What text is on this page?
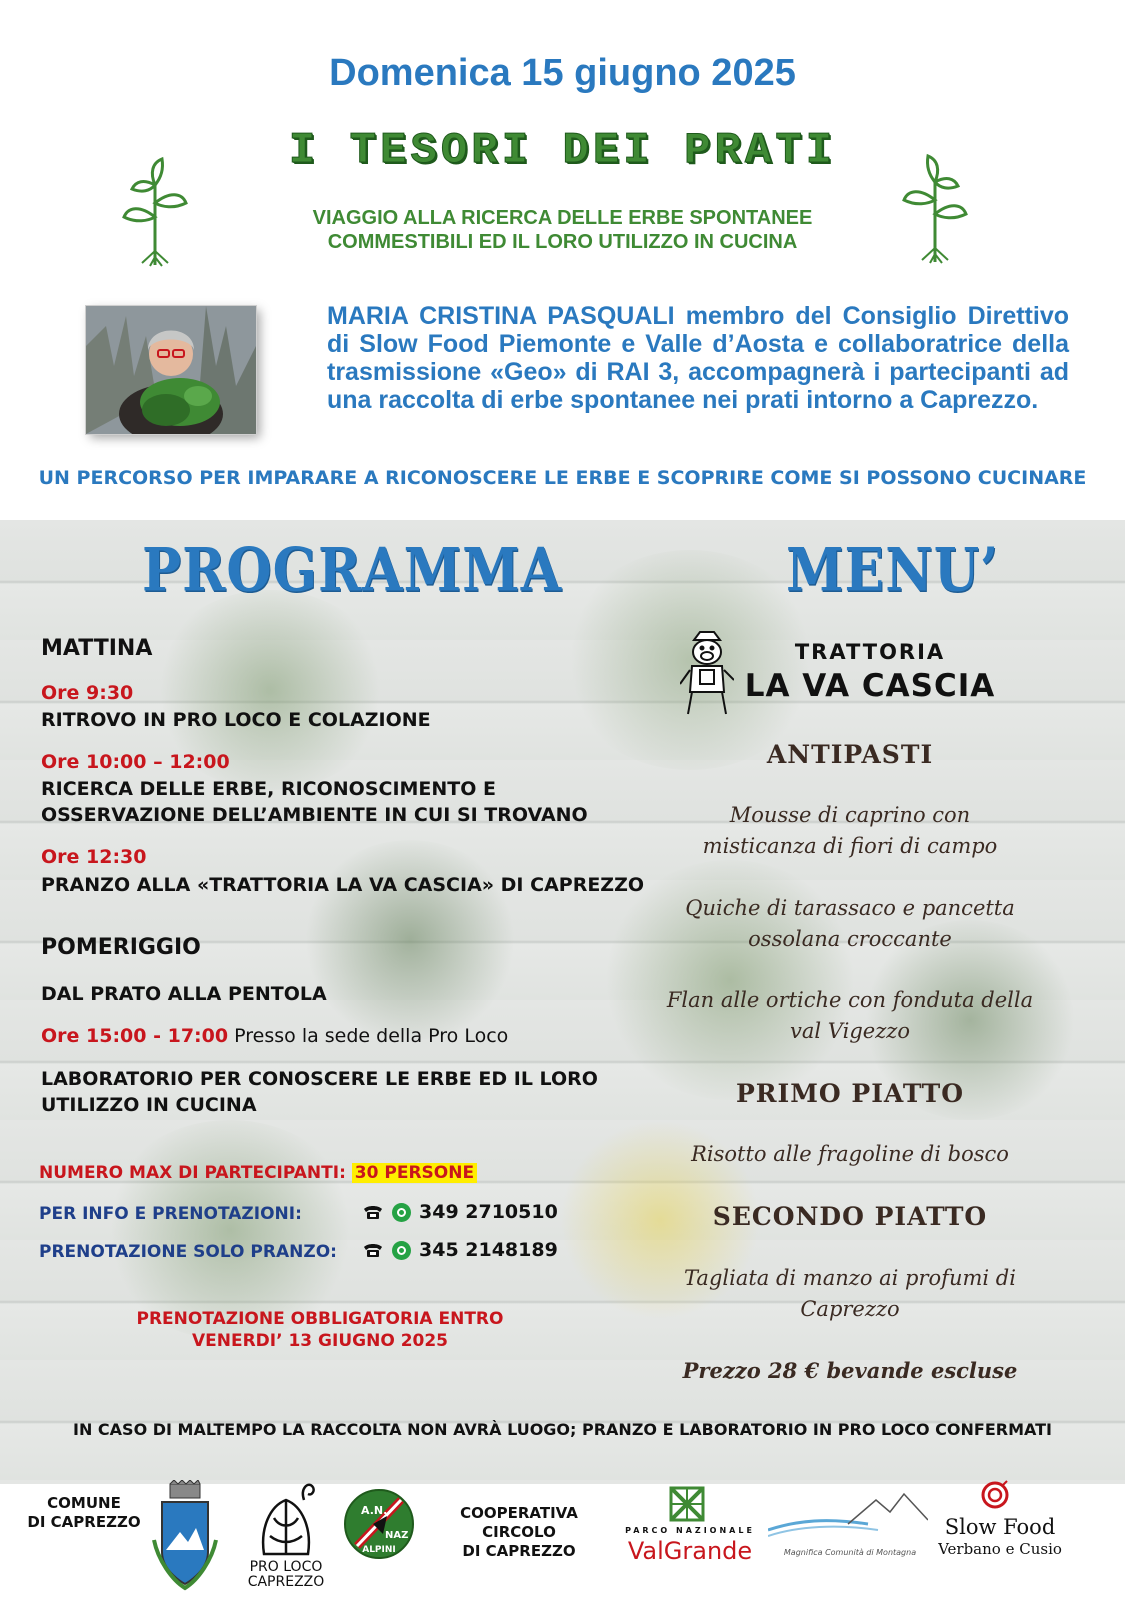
Domenica 15 giugno 2025
I TESORI DEI PRATI
VIAGGIO ALLA RICERCA DELLE ERBE SPONTANEE
COMMESTIBILI ED IL LORO UTILIZZO IN CUCINA
MARIA CRISTINA PASQUALI membro del Consiglio Direttivo di Slow Food Piemonte e Valle d’Aosta e collaboratrice della trasmissione «Geo» di RAI 3, accompagnerà i partecipanti ad una raccolta di erbe spontanee nei prati intorno a Caprezzo.
UN PERCORSO PER IMPARARE A RICONOSCERE LE ERBE E SCOPRIRE COME SI POSSONO CUCINARE
PROGRAMMA
MATTINA
Ore 9:30
RITROVO IN PRO LOCO E COLAZIONE
Ore 10:00 – 12:00
RICERCA DELLE ERBE, RICONOSCIMENTO E
OSSERVAZIONE DELL’AMBIENTE IN CUI SI TROVANO
Ore 12:30
PRANZO ALLA «TRATTORIA LA VA CASCIA» DI CAPREZZO
POMERIGGIO
DAL PRATO ALLA PENTOLA
Ore 15:00 - 17:00 Presso la sede della Pro Loco
LABORATORIO PER CONOSCERE LE ERBE ED IL LORO
UTILIZZO IN CUCINA
MENU’
TRATTORIA
LA VA CASCIA
ANTIPASTI
Mousse di caprino con
misticanza di fiori di campo
Quiche di tarassaco e pancetta
ossolana croccante
Flan alle ortiche con fonduta della
val Vigezzo
PRIMO PIATTO
Risotto alle fragoline di bosco
SECONDO PIATTO
Tagliata di manzo ai profumi di
Caprezzo
Prezzo 28 € bevande escluse
NUMERO MAX DI PARTECIPANTI: 30 PERSONE
PER INFO E PRENOTAZIONI:	349 2710510
PRENOTAZIONE SOLO PRANZO:	345 2148189
PRENOTAZIONE OBBLIGATORIA ENTRO
VENERDI’ 13 GIUGNO 2025
IN CASO DI MALTEMPO LA RACCOLTA NON AVRÀ LUOGO; PRANZO E LABORATORIO IN PRO LOCO CONFERMATI
COMUNE
DI CAPREZZO
PRO LOCO
CAPREZZO
A.N.
NAZ
ALPINI
COOPERATIVA CIRCOLO
DI CAPREZZO
PARCO NAZIONALE
ValGrande	Magnifica Comunità di Montagna
Slow Food
Verbano e Cusio
